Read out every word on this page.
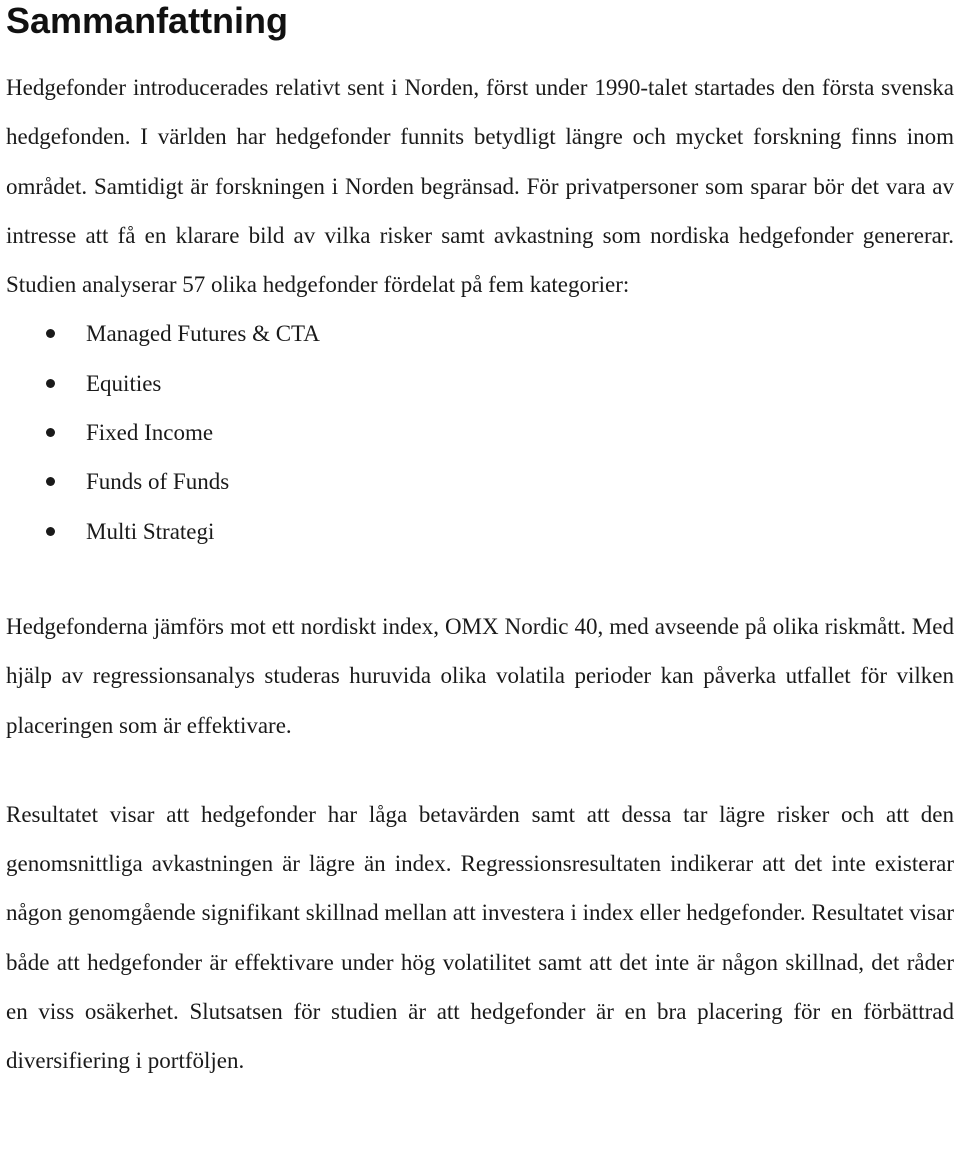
Sammanfattning

Hedgefonder introducerades relativt sent i Norden, först under 1990-talet startades den första svenska hedgefonden. I världen har hedgefonder funnits betydligt längre och mycket forskning finns inom området. Samtidigt är forskningen i Norden begränsad. För privatpersoner som sparar bör det vara av intresse att få en klarare bild av vilka risker samt avkastning som nordiska hedgefonder genererar. Studien analyserar 57 olika hedgefonder fördelat på fem kategorier:

Managed Futures & CTA
Equities
Fixed Income
Funds of Funds
Multi Strategi

Hedgefonderna jämförs mot ett nordiskt index, OMX Nordic 40, med avseende på olika riskmått. Med hjälp av regressionsanalys studeras huruvida olika volatila perioder kan påverka utfallet för vilken placeringen som är effektivare.

Resultatet visar att hedgefonder har låga betavärden samt att dessa tar lägre risker och att den genomsnittliga avkastningen är lägre än index. Regressionsresultaten indikerar att det inte existerar någon genomgående signifikant skillnad mellan att investera i index eller hedgefonder. Resultatet visar både att hedgefonder är effektivare under hög volatilitet samt att det inte är någon skillnad, det råder en viss osäkerhet. Slutsatsen för studien är att hedgefonder är en bra placering för en förbättrad diversifiering i portföljen.
